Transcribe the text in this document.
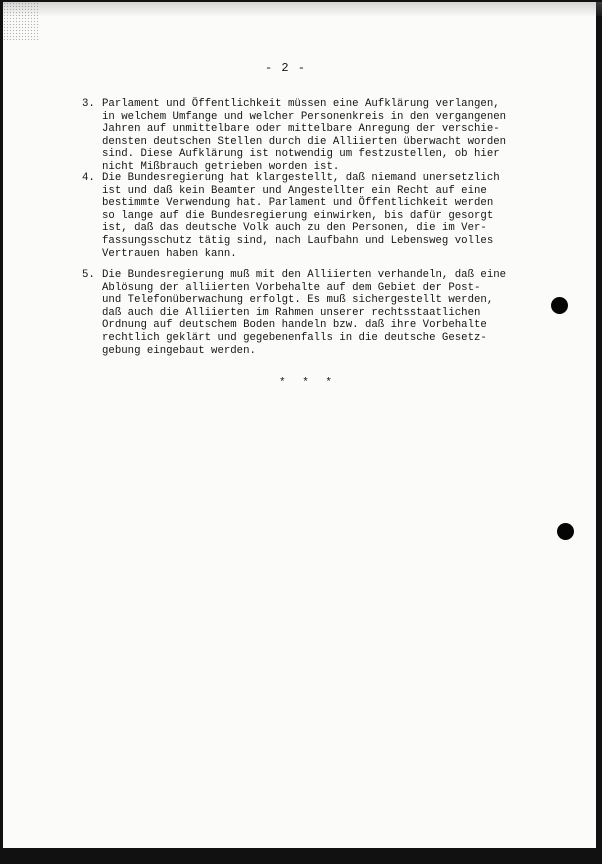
- 2 -
3. Parlament und Öffentlichkeit müssen eine Aufklärung verlangen,
in welchem Umfange und welcher Personenkreis in den vergangenen
Jahren auf unmittelbare oder mittelbare Anregung der verschie-
densten deutschen Stellen durch die Alliierten überwacht worden
sind. Diese Aufklärung ist notwendig um festzustellen, ob hier
nicht Mißbrauch getrieben worden ist.
4. Die Bundesregierung hat klargestellt, daß niemand unersetzlich
ist und daß kein Beamter und Angestellter ein Recht auf eine
bestimmte Verwendung hat. Parlament und Öffentlichkeit werden
so lange auf die Bundesregierung einwirken, bis dafür gesorgt
ist, daß das deutsche Volk auch zu den Personen, die im Ver-
fassungsschutz tätig sind, nach Laufbahn und Lebensweg volles
Vertrauen haben kann.
5. Die Bundesregierung muß mit den Alliierten verhandeln, daß eine
Ablösung der alliierten Vorbehalte auf dem Gebiet der Post-
und Telefonüberwachung erfolgt. Es muß sichergestellt werden,
daß auch die Alliierten im Rahmen unserer rechtsstaatlichen
Ordnung auf deutschem Boden handeln bzw. daß ihre Vorbehalte
rechtlich geklärt und gegebenenfalls in die deutsche Gesetz-
gebung eingebaut werden.
* * *
